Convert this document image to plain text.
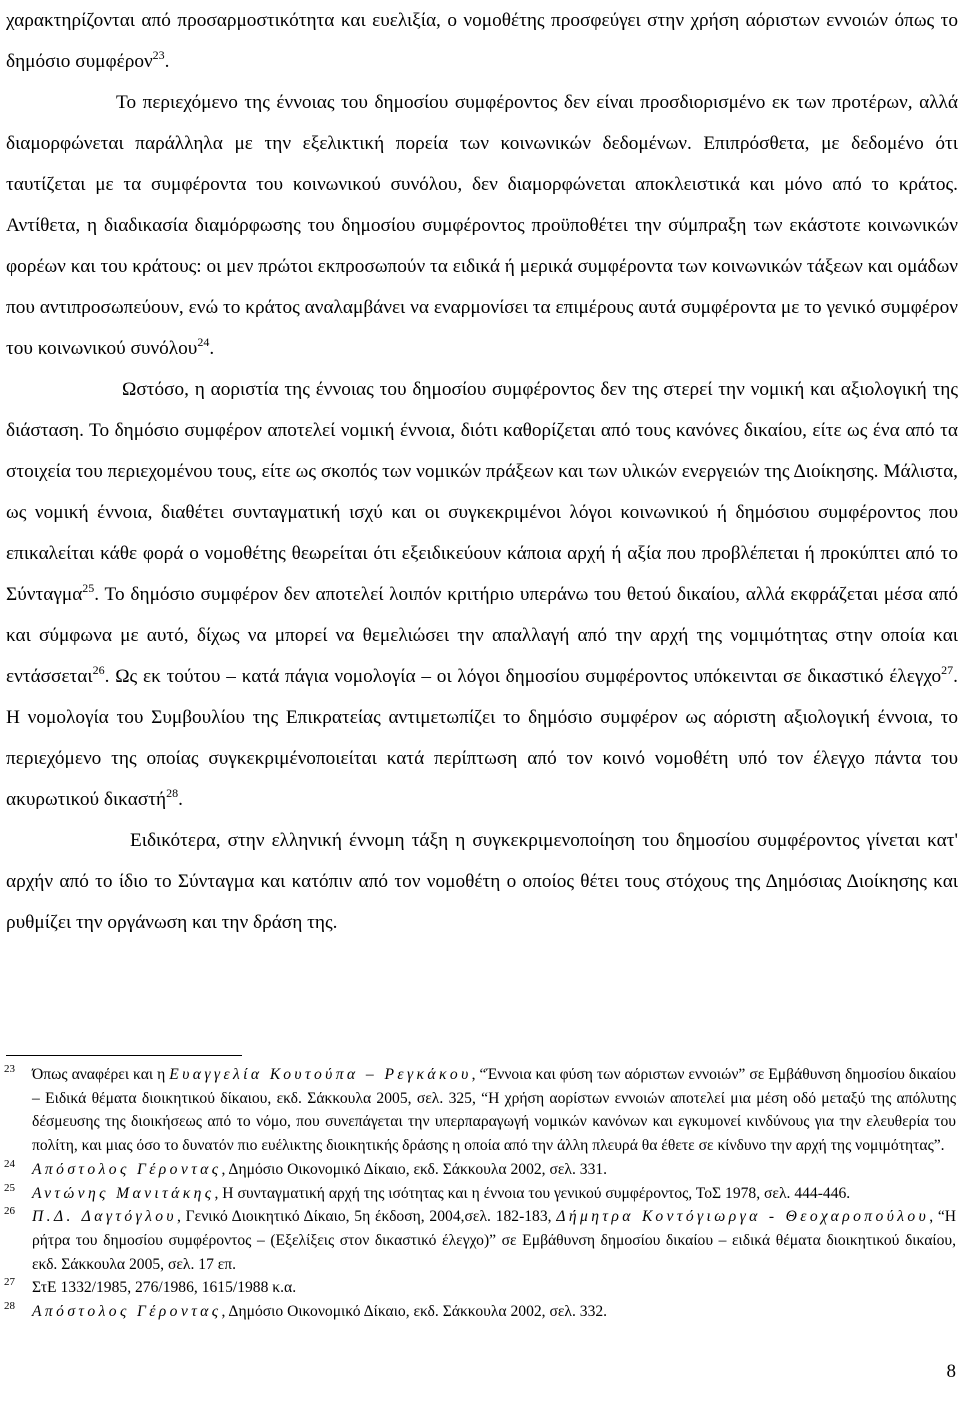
χαρακτηρίζονται από προσαρμοστικότητα και ευελιξία, ο νομοθέτης προσφεύγει στην χρήση αόριστων εννοιών όπως το δημόσιο συμφέρον$^{23}$.

Το περιεχόμενο της έννοιας του δημοσίου συμφέροντος δεν είναι προσδιορισμένο εκ των προτέρων, αλλά διαμορφώνεται παράλληλα με την εξελικτική πορεία των κοινωνικών δεδομένων. Επιπρόσθετα, με δεδομένο ότι ταυτίζεται με τα συμφέροντα του κοινωνικού συνόλου, δεν διαμορφώνεται αποκλειστικά και μόνο από το κράτος. Αντίθετα, η διαδικασία διαμόρφωσης του δημοσίου συμφέροντος προϋποθέτει την σύμπραξη των εκάστοτε κοινωνικών φορέων και του κράτους: οι μεν πρώτοι εκπροσωπούν τα ειδικά ή μερικά συμφέροντα των κοινωνικών τάξεων και ομάδων που αντιπροσωπεύουν, ενώ το κράτος αναλαμβάνει να εναρμονίσει τα επιμέρους αυτά συμφέροντα με το γενικό συμφέρον του κοινωνικού συνόλου$^{24}$.

Ωστόσο, η αοριστία της έννοιας του δημοσίου συμφέροντος δεν της στερεί την νομική και αξιολογική της διάσταση. Το δημόσιο συμφέρον αποτελεί νομική έννοια, διότι καθορίζεται από τους κανόνες δικαίου, είτε ως ένα από τα στοιχεία του περιεχομένου τους, είτε ως σκοπός των νομικών πράξεων και των υλικών ενεργειών της Διοίκησης. Μάλιστα, ως νομική έννοια, διαθέτει συνταγματική ισχύ και οι συγκεκριμένοι λόγοι κοινωνικού ή δημόσιου συμφέροντος που επικαλείται κάθε φορά ο νομοθέτης θεωρείται ότι εξειδικεύουν κάποια αρχή ή αξία που προβλέπεται ή προκύπτει από το Σύνταγμα$^{25}$. Το δημόσιο συμφέρον δεν αποτελεί λοιπόν κριτήριο υπεράνω του θετού δικαίου, αλλά εκφράζεται μέσα από και σύμφωνα με αυτό, δίχως να μπορεί να θεμελιώσει την απαλλαγή από την αρχή της νομιμότητας στην οποία και εντάσσεται$^{26}$. Ως εκ τούτου – κατά πάγια νομολογία – οι λόγοι δημοσίου συμφέροντος υπόκεινται σε δικαστικό έλεγχο$^{27}$. Η νομολογία του Συμβουλίου της Επικρατείας αντιμετωπίζει το δημόσιο συμφέρον ως αόριστη αξιολογική έννοια, το περιεχόμενο της οποίας συγκεκριμένοποιείται κατά περίπτωση από τον κοινό νομοθέτη υπό τον έλεγχο πάντα του ακυρωτικού δικαστή$^{28}$.

Ειδικότερα, στην ελληνική έννομη τάξη η συγκεκριμενοποίηση του δημοσίου συμφέροντος γίνεται κατ' αρχήν από το ίδιο το Σύνταγμα και κατόπιν από τον νομοθέτη ο οποίος θέτει τους στόχους της Δημόσιας Διοίκησης και ρυθμίζει την οργάνωση και την δράση της.

23 Όπως αναφέρει και η Ευαγγελία Κουτούπα – Ρεγκάκου, “Έννοια και φύση των αόριστων εννοιών” σε Εμβάθυνση δημοσίου δικαίου – Ειδικά θέματα διοικητικού δίκαιου, εκδ. Σάκκουλα 2005, σελ. 325, “Η χρήση αορίστων εννοιών αποτελεί μια μέση οδό μεταξύ της απόλυτης δέσμευσης της διοικήσεως από το νόμο, που συνεπάγεται την υπερπαραγωγή νομικών κανόνων και εγκυμονεί κινδύνους για την ελευθερία του πολίτη, και μιας όσο το δυνατόν πιο ευέλικτης διοικητικής δράσης η οποία από την άλλη πλευρά θα έθετε σε κίνδυνο την αρχή της νομιμότητας”.
24 Απόστολος Γέροντας, Δημόσιο Οικονομικό Δίκαιο, εκδ. Σάκκουλα 2002, σελ. 331.
25 Αντώνης Μανιτάκης, Η συνταγματική αρχή της ισότητας και η έννοια του γενικού συμφέροντος, ΤοΣ 1978, σελ. 444-446.
26 Π.Δ. Δαγτόγλου, Γενικό Διοικητικό Δίκαιο, 5η έκδοση, 2004,σελ. 182-183, Δήμητρα Κοντόγιωργα - Θεοχαροπούλου, “Η ρήτρα του δημοσίου συμφέροντος – (Εξελίξεις στον δικαστικό έλεγχο)” σε Εμβάθυνση δημοσίου δικαίου – ειδικά θέματα διοικητικού δικαίου, εκδ. Σάκκουλα 2005, σελ. 17 επ.
27 ΣτΕ 1332/1985, 276/1986, 1615/1988 κ.α.
28 Απόστολος Γέροντας, Δημόσιο Οικονομικό Δίκαιο, εκδ. Σάκκουλα 2002, σελ. 332.
8
